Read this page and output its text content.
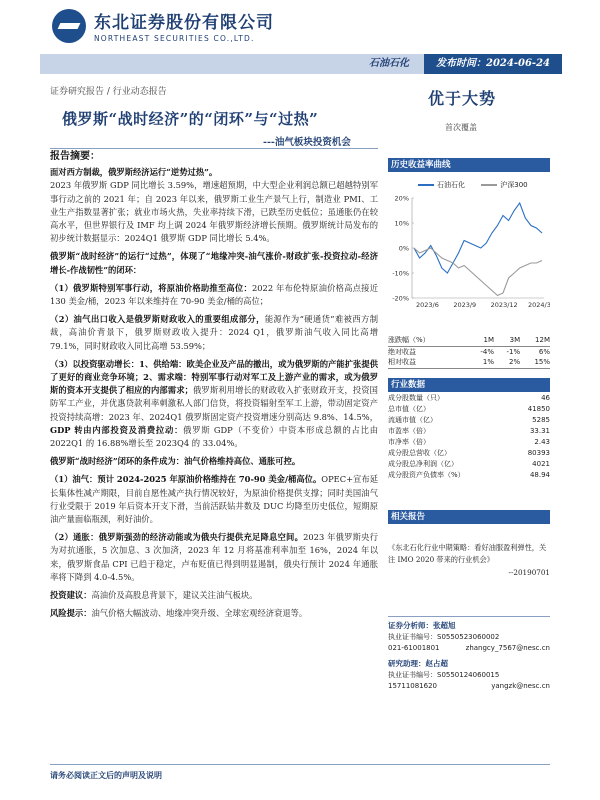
东北证券股份有限公司
NORTHEAST SECURITIES CO.,LTD.
石油石化	发布时间：2024-06-24
证券研究报告 / 行业动态报告
俄罗斯“战时经济”的“闭环”与“过热”
---油气板块投资机会
优于大势
首次覆盖
报告摘要：

面对西方制裁，俄罗斯经济运行“逆势过热”。
2023 年俄罗斯 GDP 同比增长 3.59%，增速超预期，中大型企业利润总额已超越特别军事行动之前的 2021 年；自 2023 年以来，俄罗斯工业生产景气上行，制造业 PMI、工业生产指数显著扩张；就业市场火热，失业率持续下滑，已跌至历史低位；虽通胀仍在较高水平，但世界银行及 IMF 均上调 2024 年俄罗斯经济增长预期。俄罗斯统计局发布的初步统计数据显示：2024Q1 俄罗斯 GDP 同比增长 5.4%。

俄罗斯“战时经济”的运行“过热”，体现了“地缘冲突-油气涨价-财政扩张-投资拉动-经济增长-作战韧性”的闭环：

（1）俄罗斯特别军事行动，将原油价格助推至高位：2022 年布伦特原油价格高点接近 130 美金/桶，2023 年以来维持在 70-90 美金/桶的高位；

（2）油气出口收入是俄罗斯财政收入的重要组成部分，能源作为“硬通货”难被西方制裁，高油价背景下，俄罗斯财政收入提升：2024 Q1，俄罗斯油气收入同比高增 79.1%，同时财政收入同比高增 53.59%；

（3）以投资驱动增长：1、供给端：欧美企业及产品的撤出，或为俄罗斯的产能扩张提供了更好的商业竞争环境；2、需求端：特别军事行动对军工及上游产业的需求，或为俄罗斯的资本开支提供了相应的内部需求；俄罗斯利用增长的财政收入扩张财政开支，投资国防军工产业，并优惠贷款利率刺激私人部门信贷，将投资辐射至军工上游，带动固定资产投资持续高增：2023 年、2024Q1 俄罗斯固定资产投资增速分别高达 9.8%、14.5%，GDP 转由内部投资及消费拉动：俄罗斯 GDP（不变价）中资本形成总额的占比由 2022Q1 的 16.88%增长至 2023Q4 的 33.04%。

俄罗斯“战时经济”闭环的条件成为：油气价格维持高位、通胀可控。

（1）油气：预计 2024-2025 年原油价格维持在 70-90 美金/桶高位。OPEC+宣布延长集体性减产期限，目前自愿性减产执行情况较好，为原油价格提供支撑；同时美国油气行业受限于 2019 年后资本开支下滑，当前活跃钻井数及 DUC 均降至历史低位，短期原油产量面临瓶颈，利好油价。

（2）通胀：俄罗斯强劲的经济动能或为俄央行提供充足降息空间。2023 年俄罗斯央行为对抗通胀，5 次加息、3 次加済，2023 年 12 月将基准利率加至 16%，2024 年以来，俄罗斯食品 CPI 已趋于稳定，卢布贬值已得到明显遏制，俄央行预计 2024 年通胀率将下降到 4.0-4.5%。

投资建议：高油价及高股息背景下，建议关注油气板块。

风险提示：油气价格大幅波动、地缘冲突升级、全球宏观经济衰退等。

历史收益率曲线
石油石化
	沪深300
20%
10%
0%
-10%
-20%
2023/6 2023/9 2023/12 2024/3
涨跌幅（%）	1M	3M	12M
绝对收益	-4%	-1%	6%
相对收益	1%	2%	15%
行业数据
成分股数量（只）	46
总市值（亿）	41850
流通市值（亿）	5285
市盈率（倍）	33.31
市净率（倍）	2.43
成分股总营收（亿）	80393
成分股总净利润（亿）	4021
成分股资产负债率（%）	48.94
相关报告
《东北石化行业中期策略：看好油服盈利弹性，关注 IMO 2020 带来的行业机会》
--20190701
证券分析师：张超旭
执业证书编号：S0550523060002
021-61001801	zhangcy_7567@nesc.cn
研究助理：赵占超
执业证书编号：S0550124060015
15711081620	yangzk@nesc.cn
请务必阅读正文后的声明及说明
